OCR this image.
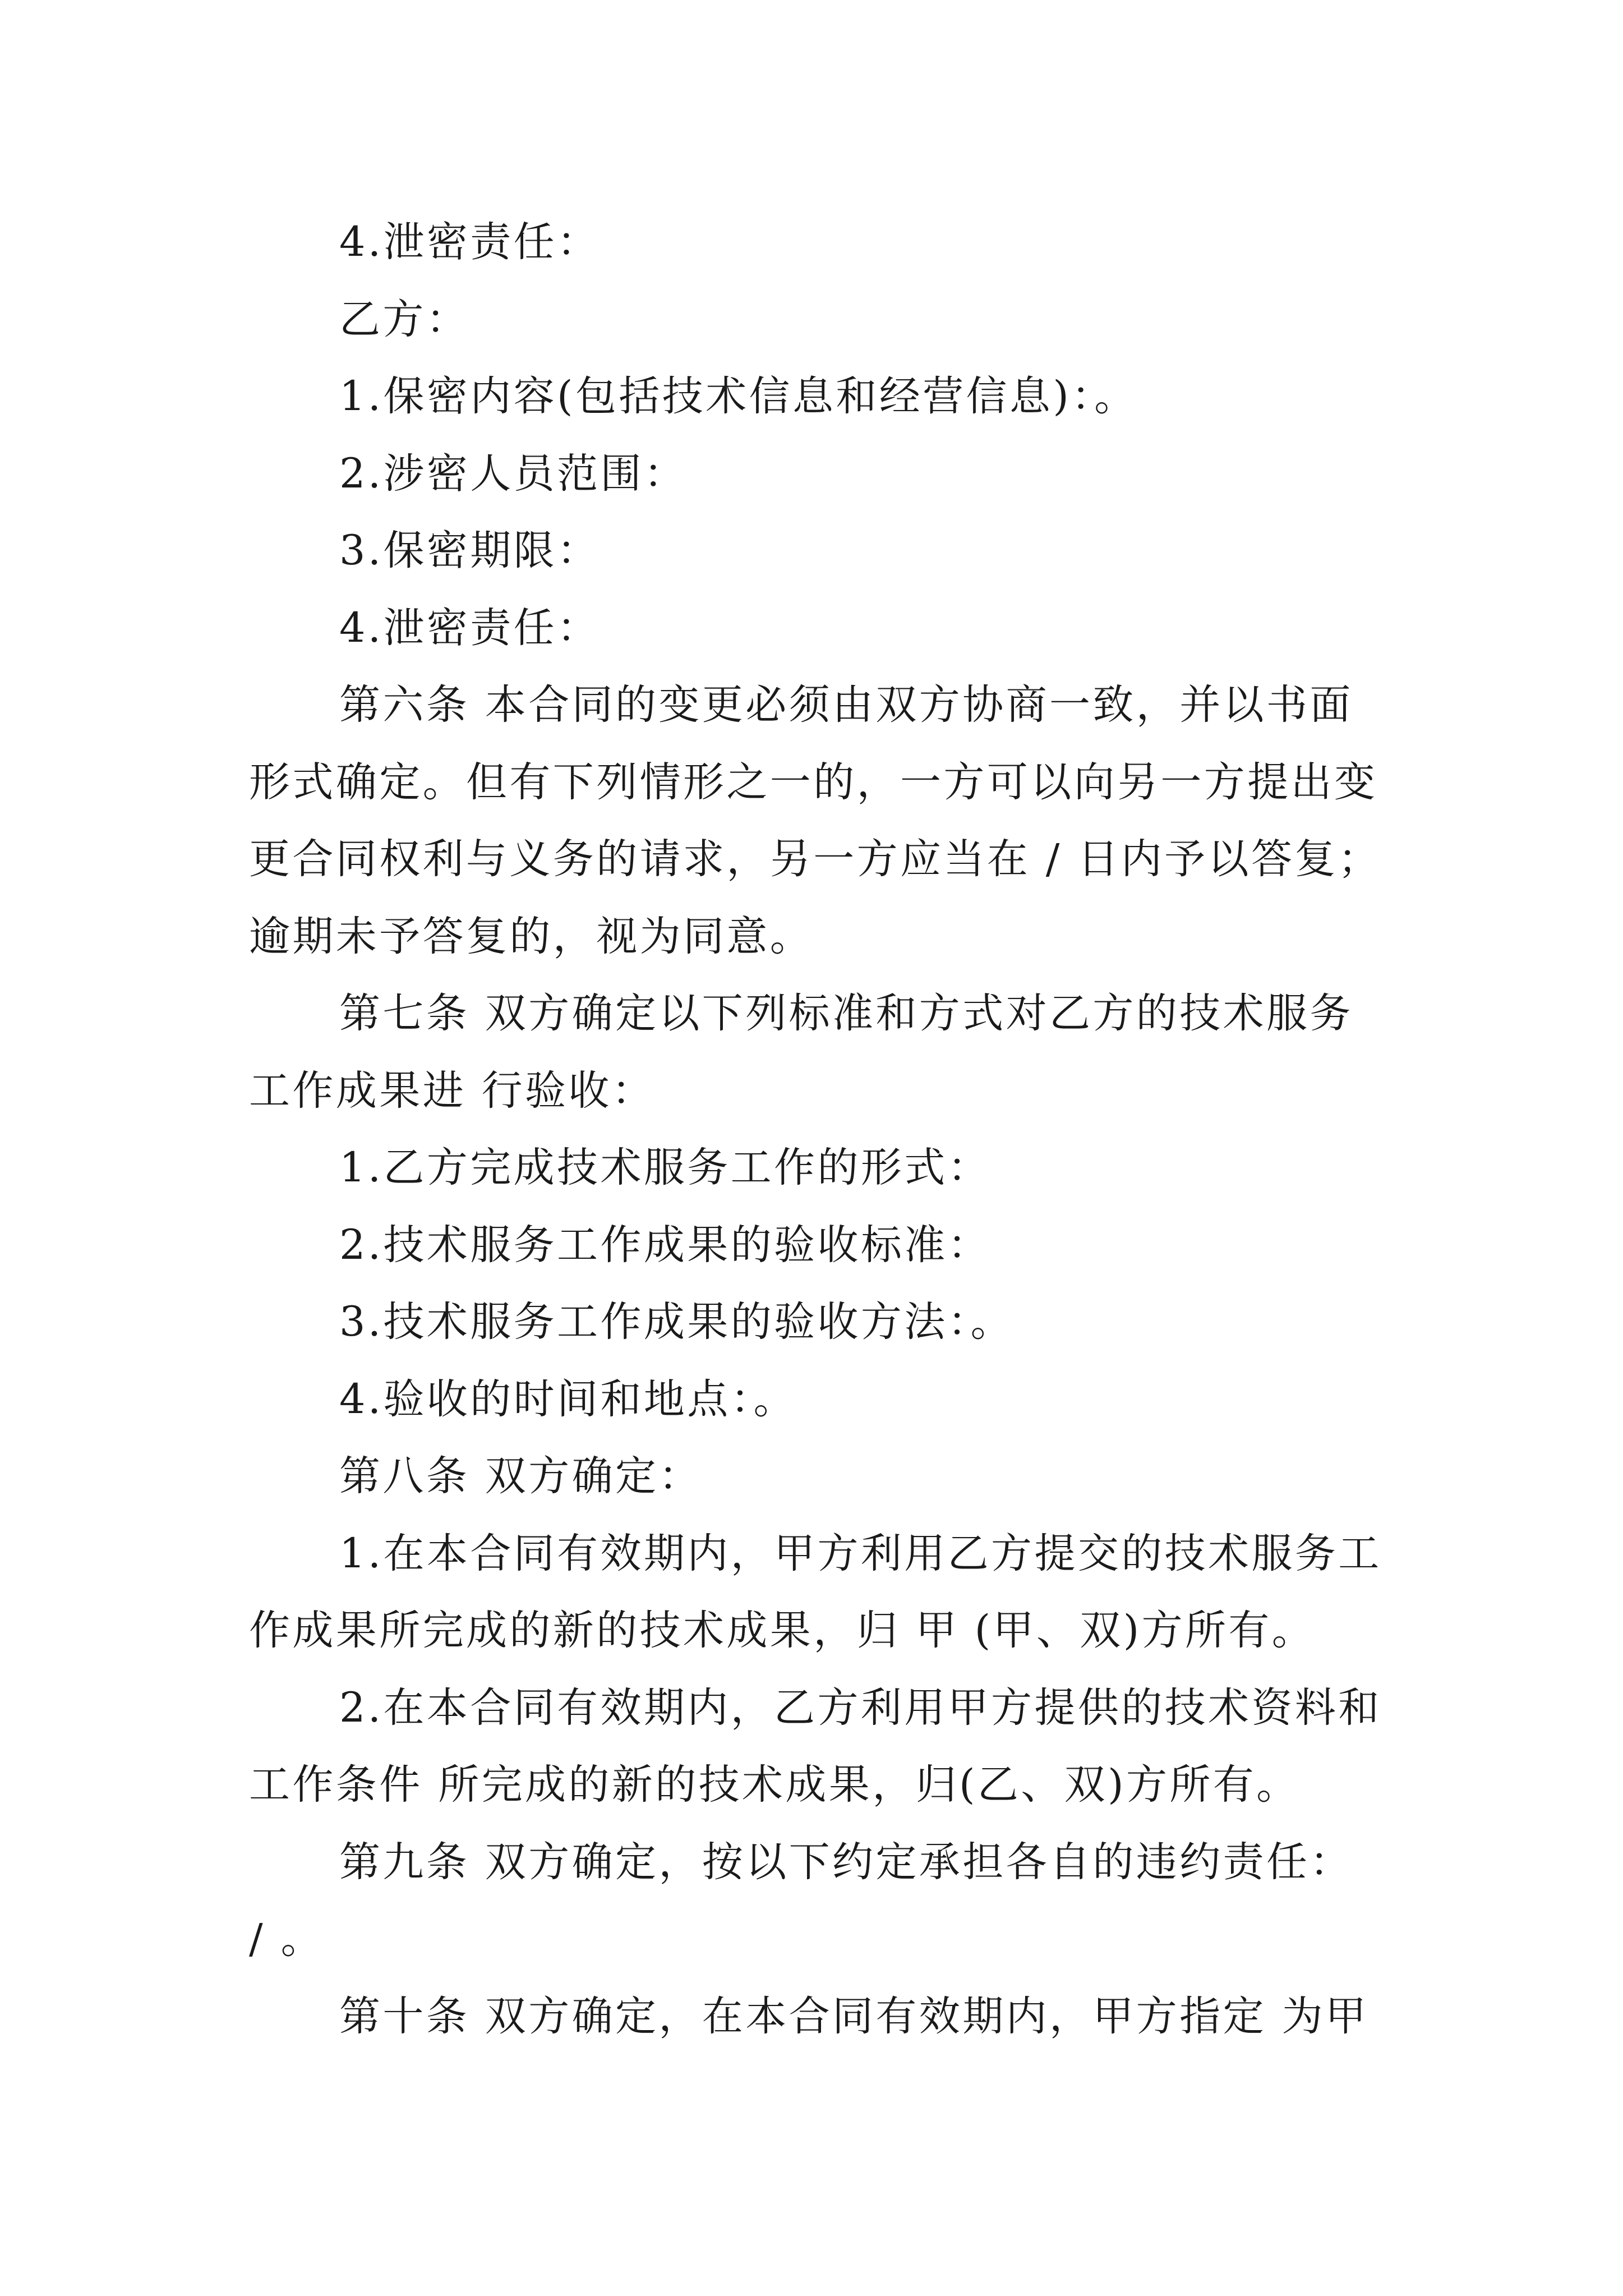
4.泄密责任：
乙方：
1.保密内容(包括技术信息和经营信息)：。
2.涉密人员范围：
3.保密期限：
4.泄密责任：
第六条 本合同的变更必须由双方协商一致，并以书面
形式确定。但有下列情形之一的，一方可以向另一方提出变
更合同权利与义务的请求，另一方应当在 / 日内予以答复；
逾期未予答复的，视为同意。
第七条 双方确定以下列标准和方式对乙方的技术服务
工作成果进 行验收：
1.乙方完成技术服务工作的形式：
2.技术服务工作成果的验收标准：
3.技术服务工作成果的验收方法：。
4.验收的时间和地点：。
第八条 双方确定：
1.在本合同有效期内，甲方利用乙方提交的技术服务工
作成果所完成的新的技术成果，归 甲 (甲、双)方所有。
2.在本合同有效期内，乙方利用甲方提供的技术资料和
工作条件 所完成的新的技术成果，归(乙、双)方所有。
第九条 双方确定，按以下约定承担各自的违约责任：
/ 。
第十条 双方确定，在本合同有效期内，甲方指定 为甲
